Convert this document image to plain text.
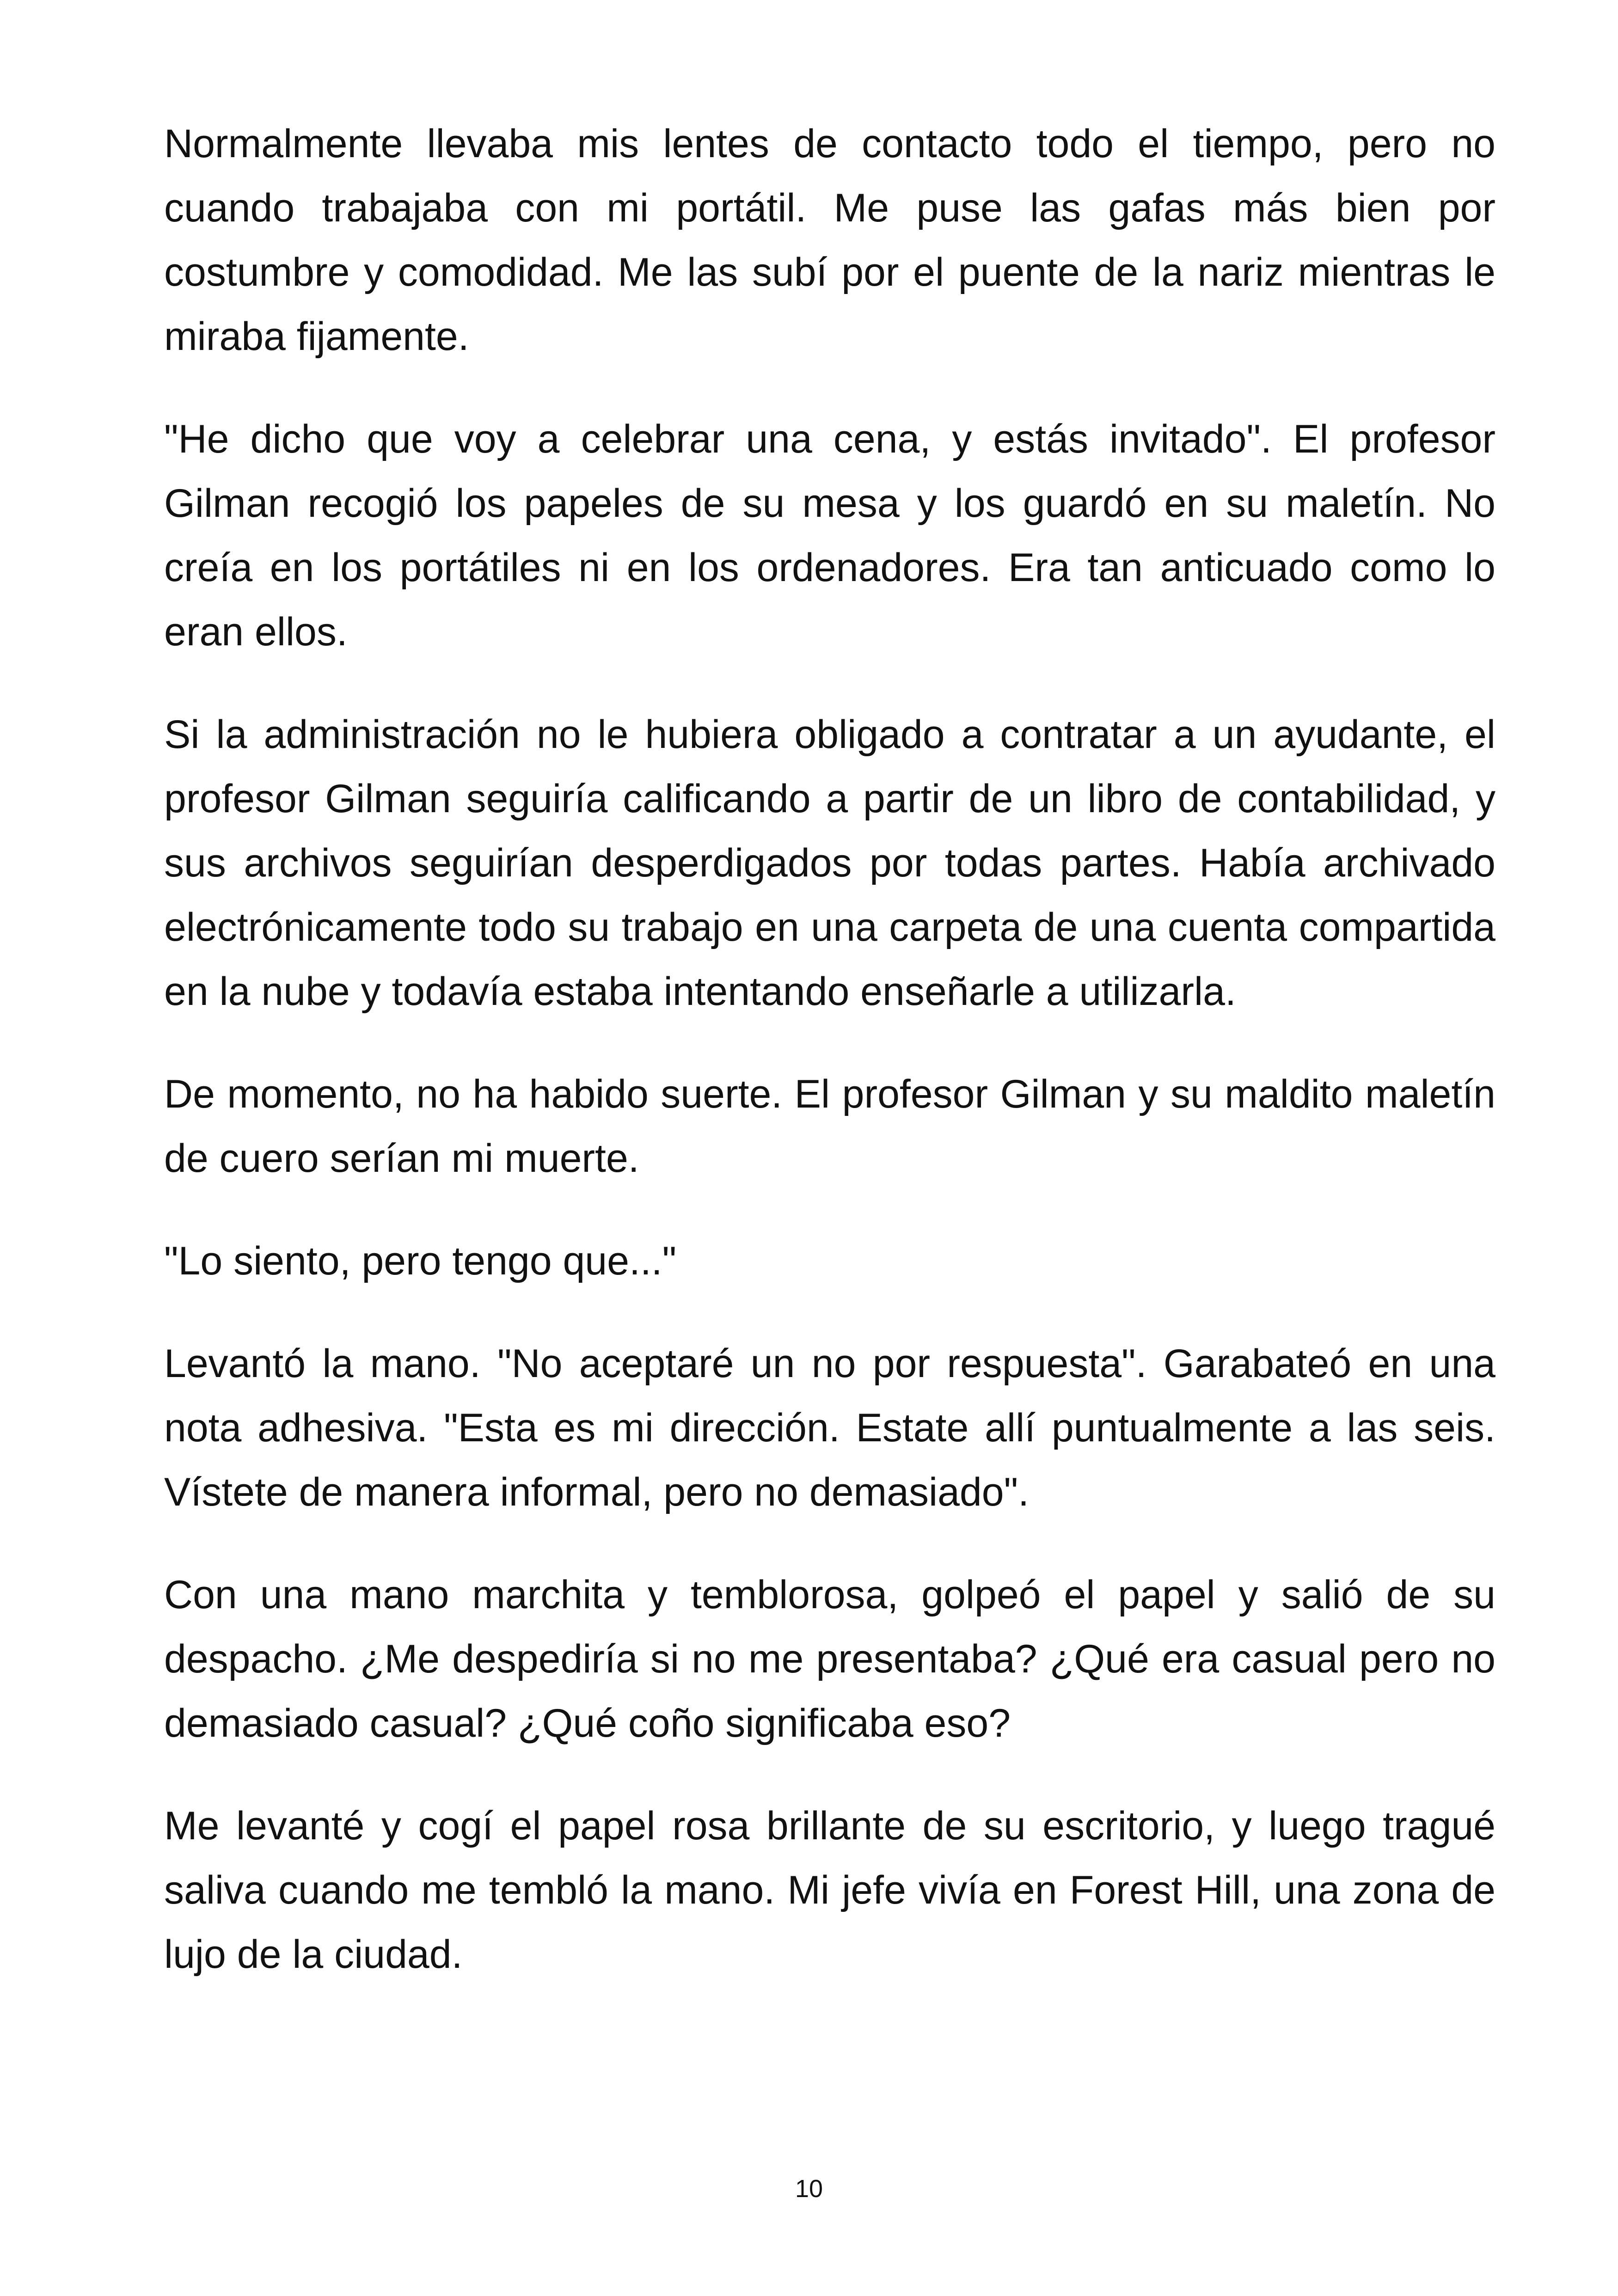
Normalmente llevaba mis lentes de contacto todo el tiempo, pero no cuando trabajaba con mi portátil. Me puse las gafas más bien por costumbre y comodidad. Me las subí por el puente de la nariz mientras le miraba fijamente.

"He dicho que voy a celebrar una cena, y estás invitado". El profesor Gilman recogió los papeles de su mesa y los guardó en su maletín. No creía en los portátiles ni en los ordenadores. Era tan anticuado como lo eran ellos.

Si la administración no le hubiera obligado a contratar a un ayudante, el profesor Gilman seguiría calificando a partir de un libro de contabilidad, y sus archivos seguirían desperdigados por todas partes. Había archivado electrónicamente todo su trabajo en una carpeta de una cuenta compartida en la nube y todavía estaba intentando enseñarle a utilizarla.

De momento, no ha habido suerte. El profesor Gilman y su maldito maletín de cuero serían mi muerte.

"Lo siento, pero tengo que..."

Levantó la mano. "No aceptaré un no por respuesta". Garabateó en una nota adhesiva. "Esta es mi dirección. Estate allí puntualmente a las seis. Vístete de manera informal, pero no demasiado".

Con una mano marchita y temblorosa, golpeó el papel y salió de su despacho. ¿Me despediría si no me presentaba? ¿Qué era casual pero no demasiado casual? ¿Qué coño significaba eso?

Me levanté y cogí el papel rosa brillante de su escritorio, y luego tragué saliva cuando me tembló la mano. Mi jefe vivía en Forest Hill, una zona de lujo de la ciudad.

10
